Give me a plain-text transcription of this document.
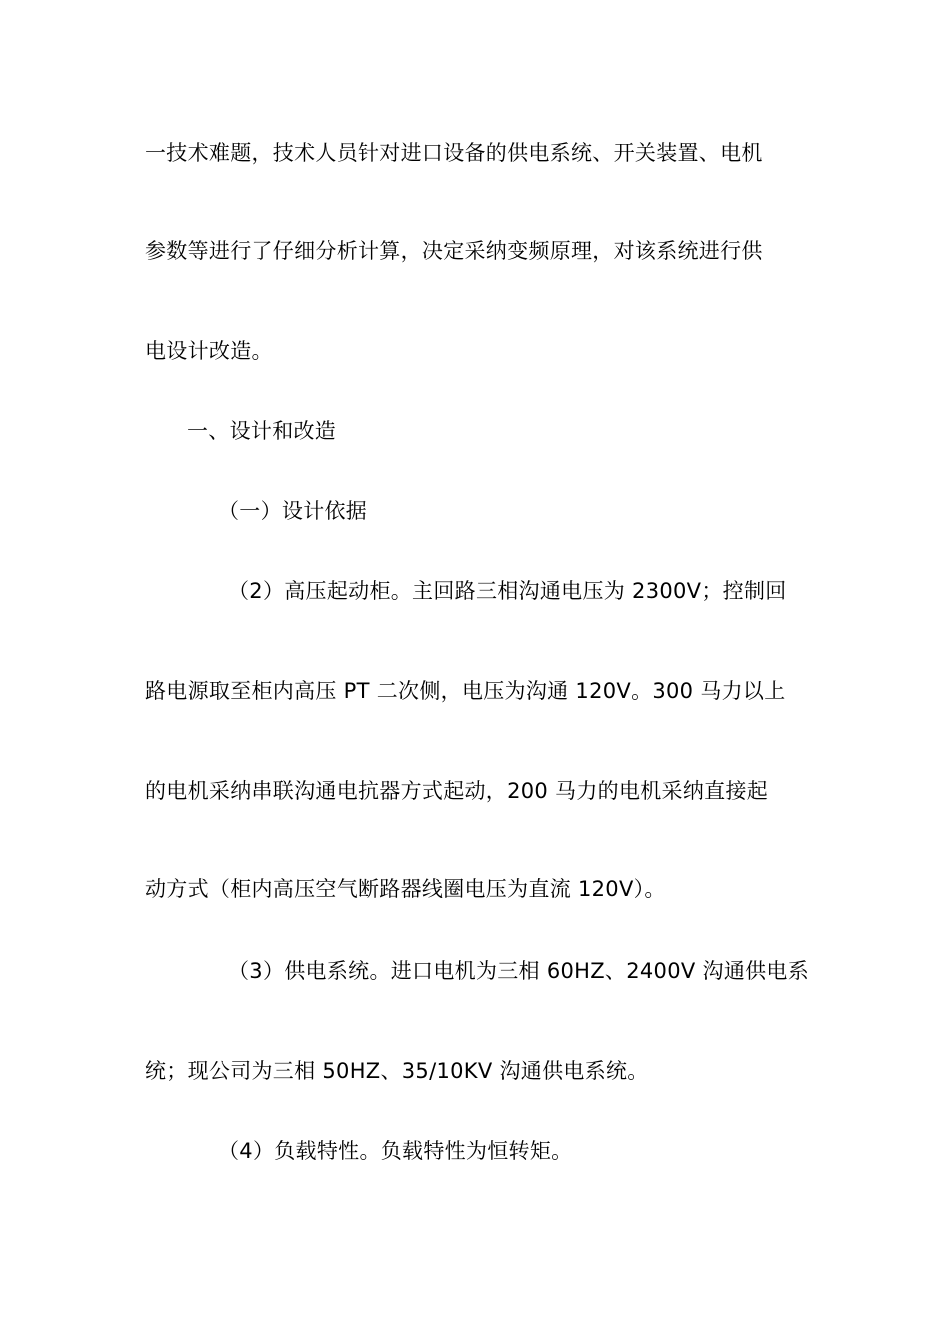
一技术难题，技术人员针对进口设备的供电系统、开关装置、电机
参数等进行了仔细分析计算，决定采纳变频原理，对该系统进行供
电设计改造。
一、设计和改造
（一）设计依据
（2）高压起动柜。主回路三相沟通电压为 2300V；控制回
路电源取至柜内高压 PT 二次侧，电压为沟通 120V。300 马力以上
的电机采纳串联沟通电抗器方式起动，200 马力的电机采纳直接起
动方式（柜内高压空气断路器线圈电压为直流 120V）。
（3）供电系统。进口电机为三相 60HZ、2400V 沟通供电系
统；现公司为三相 50HZ、35/10KV 沟通供电系统。
（4）负载特性。负载特性为恒转矩。
